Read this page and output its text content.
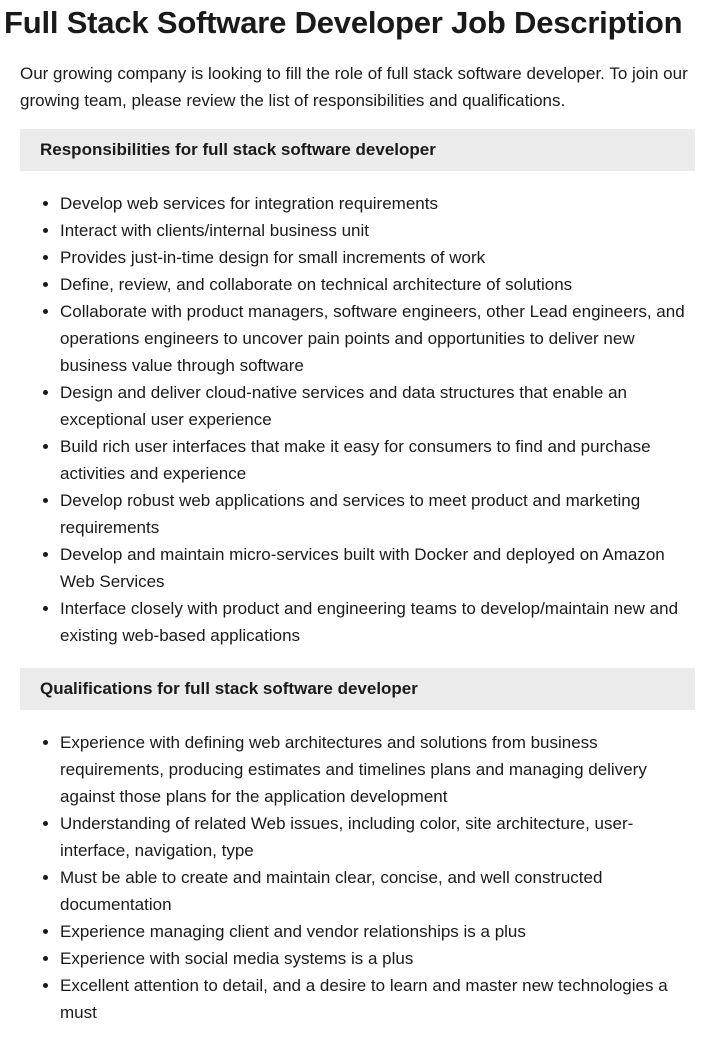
Full Stack Software Developer Job Description

Our growing company is looking to fill the role of full stack software developer. To join our growing team, please review the list of responsibilities and qualifications.

Responsibilities for full stack software developer
• Develop web services for integration requirements
• Interact with clients/internal business unit
• Provides just-in-time design for small increments of work
• Define, review, and collaborate on technical architecture of solutions
• Collaborate with product managers, software engineers, other Lead engineers, and operations engineers to uncover pain points and opportunities to deliver new business value through software
• Design and deliver cloud-native services and data structures that enable an exceptional user experience
• Build rich user interfaces that make it easy for consumers to find and purchase activities and experience
• Develop robust web applications and services to meet product and marketing requirements
• Develop and maintain micro-services built with Docker and deployed on Amazon Web Services
• Interface closely with product and engineering teams to develop/maintain new and existing web-based applications
Qualifications for full stack software developer
• Experience with defining web architectures and solutions from business requirements, producing estimates and timelines plans and managing delivery against those plans for the application development
• Understanding of related Web issues, including color, site architecture, user-interface, navigation, type
• Must be able to create and maintain clear, concise, and well constructed documentation
• Experience managing client and vendor relationships is a plus
• Experience with social media systems is a plus
• Excellent attention to detail, and a desire to learn and master new technologies a must
